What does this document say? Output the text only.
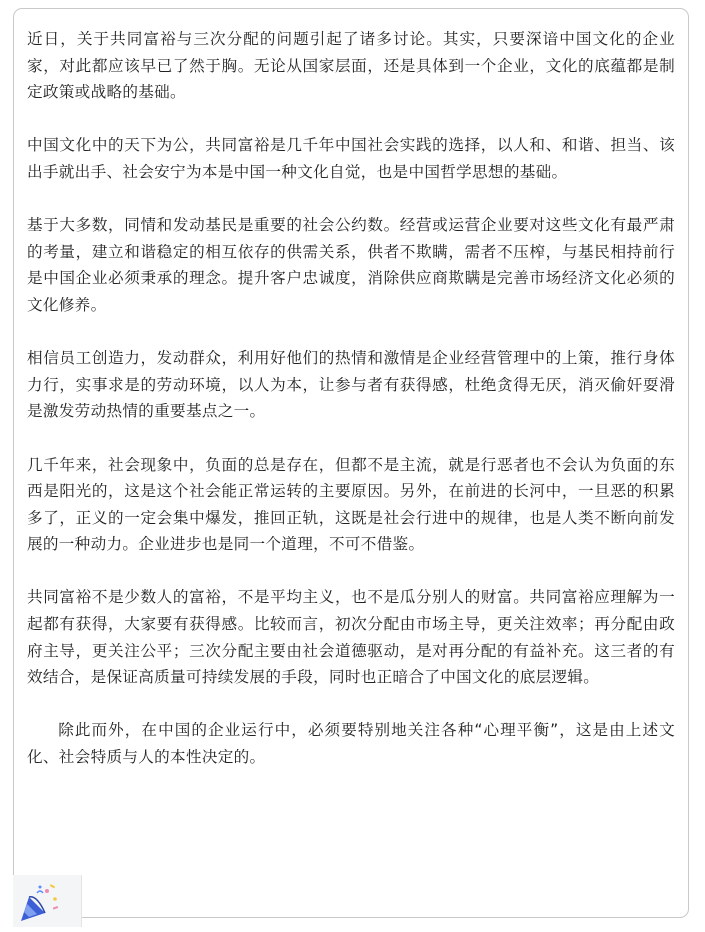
近日，关于共同富裕与三次分配的问题引起了诸多讨论。其实，只要深谙中国文化的企业家，对此都应该早已了然于胸。无论从国家层面，还是具体到一个企业，文化的底蕴都是制定政策或战略的基础。

中国文化中的天下为公，共同富裕是几千年中国社会实践的选择，以人和、和谐、担当、该出手就出手、社会安宁为本是中国一种文化自觉，也是中国哲学思想的基础。

基于大多数，同情和发动基民是重要的社会公约数。经营或运营企业要对这些文化有最严肃的考量，建立和谐稳定的相互依存的供需关系，供者不欺瞒，需者不压榨，与基民相持前行是中国企业必须秉承的理念。提升客户忠诚度，消除供应商欺瞒是完善市场经济文化必须的文化修养。

相信员工创造力，发动群众，利用好他们的热情和激情是企业经营管理中的上策，推行身体力行，实事求是的劳动环境，以人为本，让参与者有获得感，杜绝贪得无厌，消灭偷奸耍滑是激发劳动热情的重要基点之一。

几千年来，社会现象中，负面的总是存在，但都不是主流，就是行恶者也不会认为负面的东西是阳光的，这是这个社会能正常运转的主要原因。另外，在前进的长河中，一旦恶的积累多了，正义的一定会集中爆发，推回正轨，这既是社会行进中的规律，也是人类不断向前发展的一种动力。企业进步也是同一个道理，不可不借鉴。

共同富裕不是少数人的富裕，不是平均主义，也不是瓜分别人的财富。共同富裕应理解为一起都有获得，大家要有获得感。比较而言，初次分配由市场主导，更关注效率；再分配由政府主导，更关注公平；三次分配主要由社会道德驱动，是对再分配的有益补充。这三者的有效结合，是保证高质量可持续发展的手段，同时也正暗合了中国文化的底层逻辑。

除此而外，在中国的企业运行中，必须要特别地关注各种“心理平衡”，这是由上述文化、社会特质与人的本性决定的。
